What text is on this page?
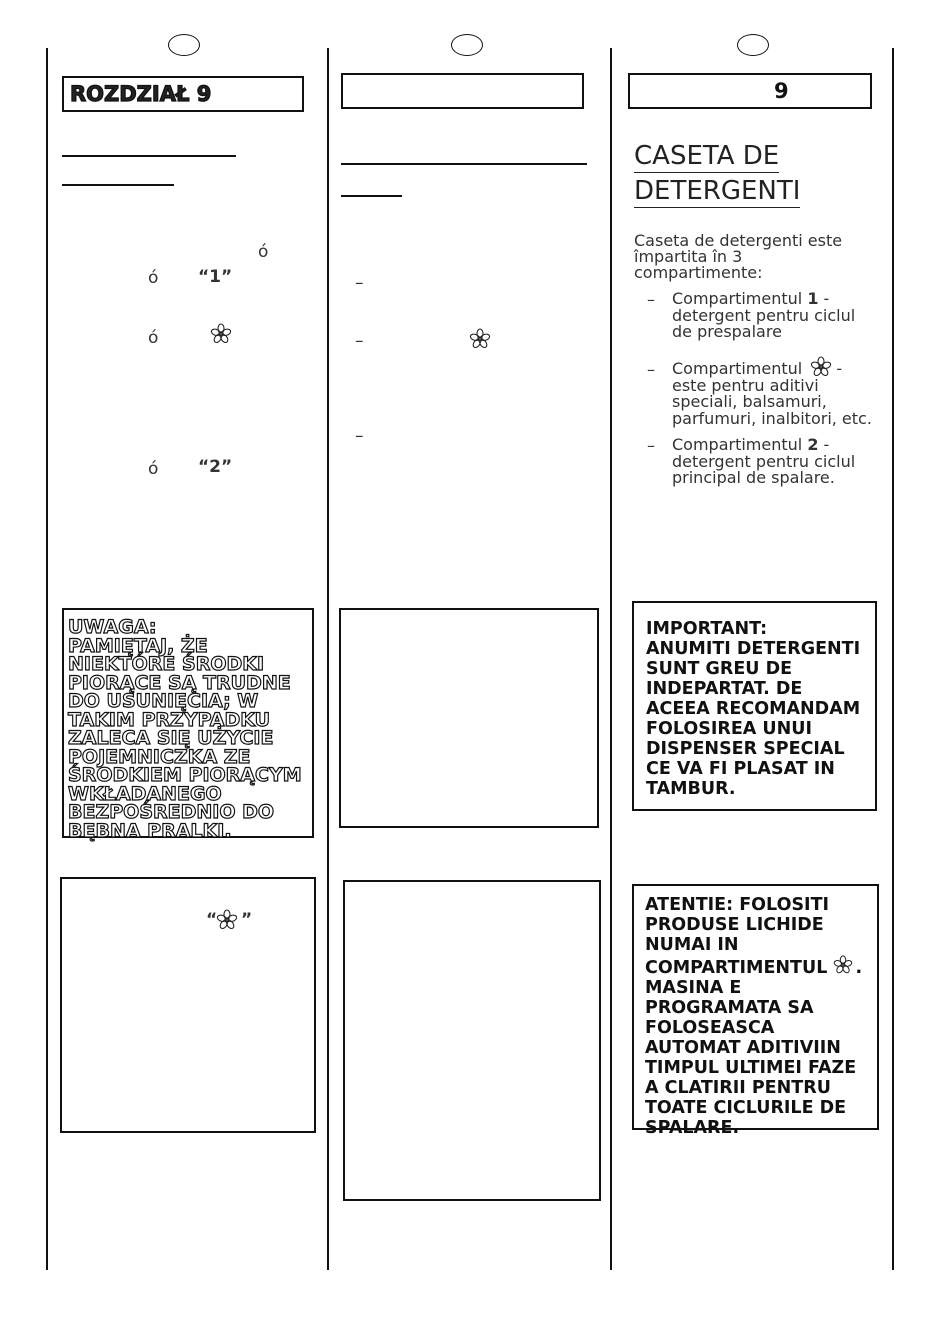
ROZDZIAŁ 9	9
ó
ó “1”
ó
ó “2”
UWAGA:
PAMIĘTAJ, ŻE NIEKTÓRE ŚRODKI PIORĄCE SĄ TRUDNE DO USUNIĘCIA; W TAKIM PRZYPADKU ZALECA SIĘ UŻYCIE POJEMNICZKA ZE ŚRODKIEM PIORĄCYM WKŁADANEGO BEZPOŚREDNIO DO BĘBNA PRALKI.
“ ”
–
–
–
CASETA DE
DETERGENTI
Caseta de detergenti este împartita în 3 compartimente:
– Compartimentul 1 -
detergent pentru ciclul
de prespalare
– Compartimentul  -
este pentru aditivi
speciali, balsamuri,
parfumuri, inalbitori, etc.
– Compartimentul 2 -
detergent pentru ciclul
principal de spalare.
IMPORTANT:
ANUMITI DETERGENTI SUNT GREU DE INDEPARTAT. DE ACEEA RECOMANDAM FOLOSIREA UNUI DISPENSER SPECIAL CE VA FI PLASAT IN TAMBUR.
ATENTIE: FOLOSITI PRODUSE LICHIDE NUMAI IN COMPARTIMENTUL .
MASINA E PROGRAMATA SA FOLOSEASCA AUTOMAT ADITIVIIN TIMPUL ULTIMEI FAZE A CLATIRII PENTRU TOATE CICLURILE DE SPALARE.
